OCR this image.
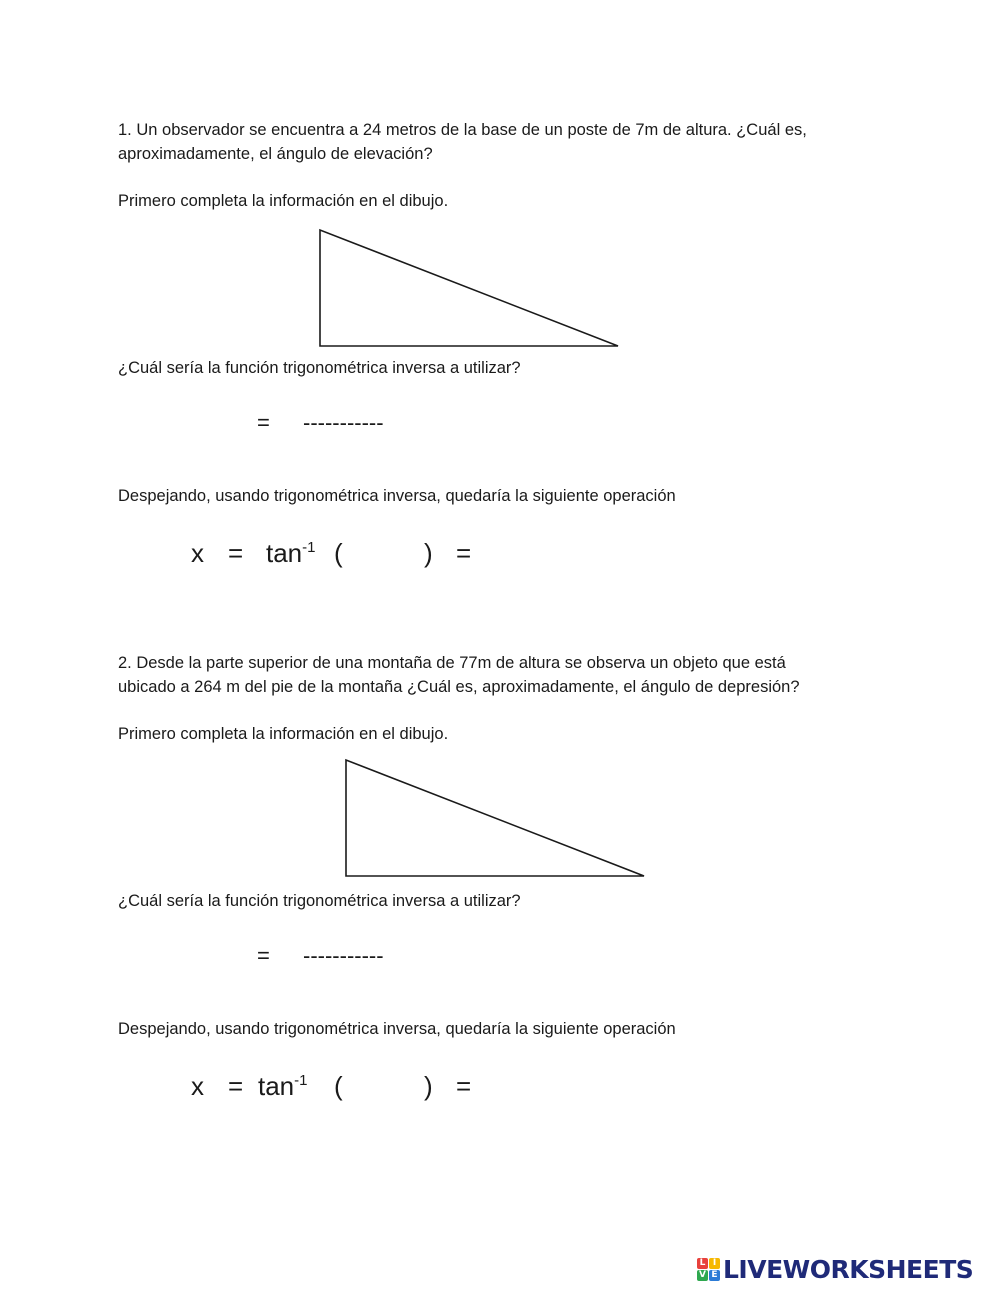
1. Un observador se encuentra a 24 metros de la base de un poste de 7m de altura. ¿Cuál es,
aproximadamente, el ángulo de elevación?
Primero completa la información en el dibujo.
¿Cuál sería la función trigonométrica inversa a utilizar?
= -----------
Despejando, usando trigonométrica inversa, quedaría la siguiente operación
$x = \tan^{-1}$ (	) =
2. Desde la parte superior de una montaña de 77m de altura se observa un objeto que está
ubicado a 264 m del pie de la montaña ¿Cuál es, aproximadamente, el ángulo de depresión?
Primero completa la información en el dibujo.
¿Cuál sería la función trigonométrica inversa a utilizar?
= -----------
Despejando, usando trigonométrica inversa, quedaría la siguiente operación
$x = \tan^{-1}$ (	) =
L I
V E LIVEWORKSHEETS
